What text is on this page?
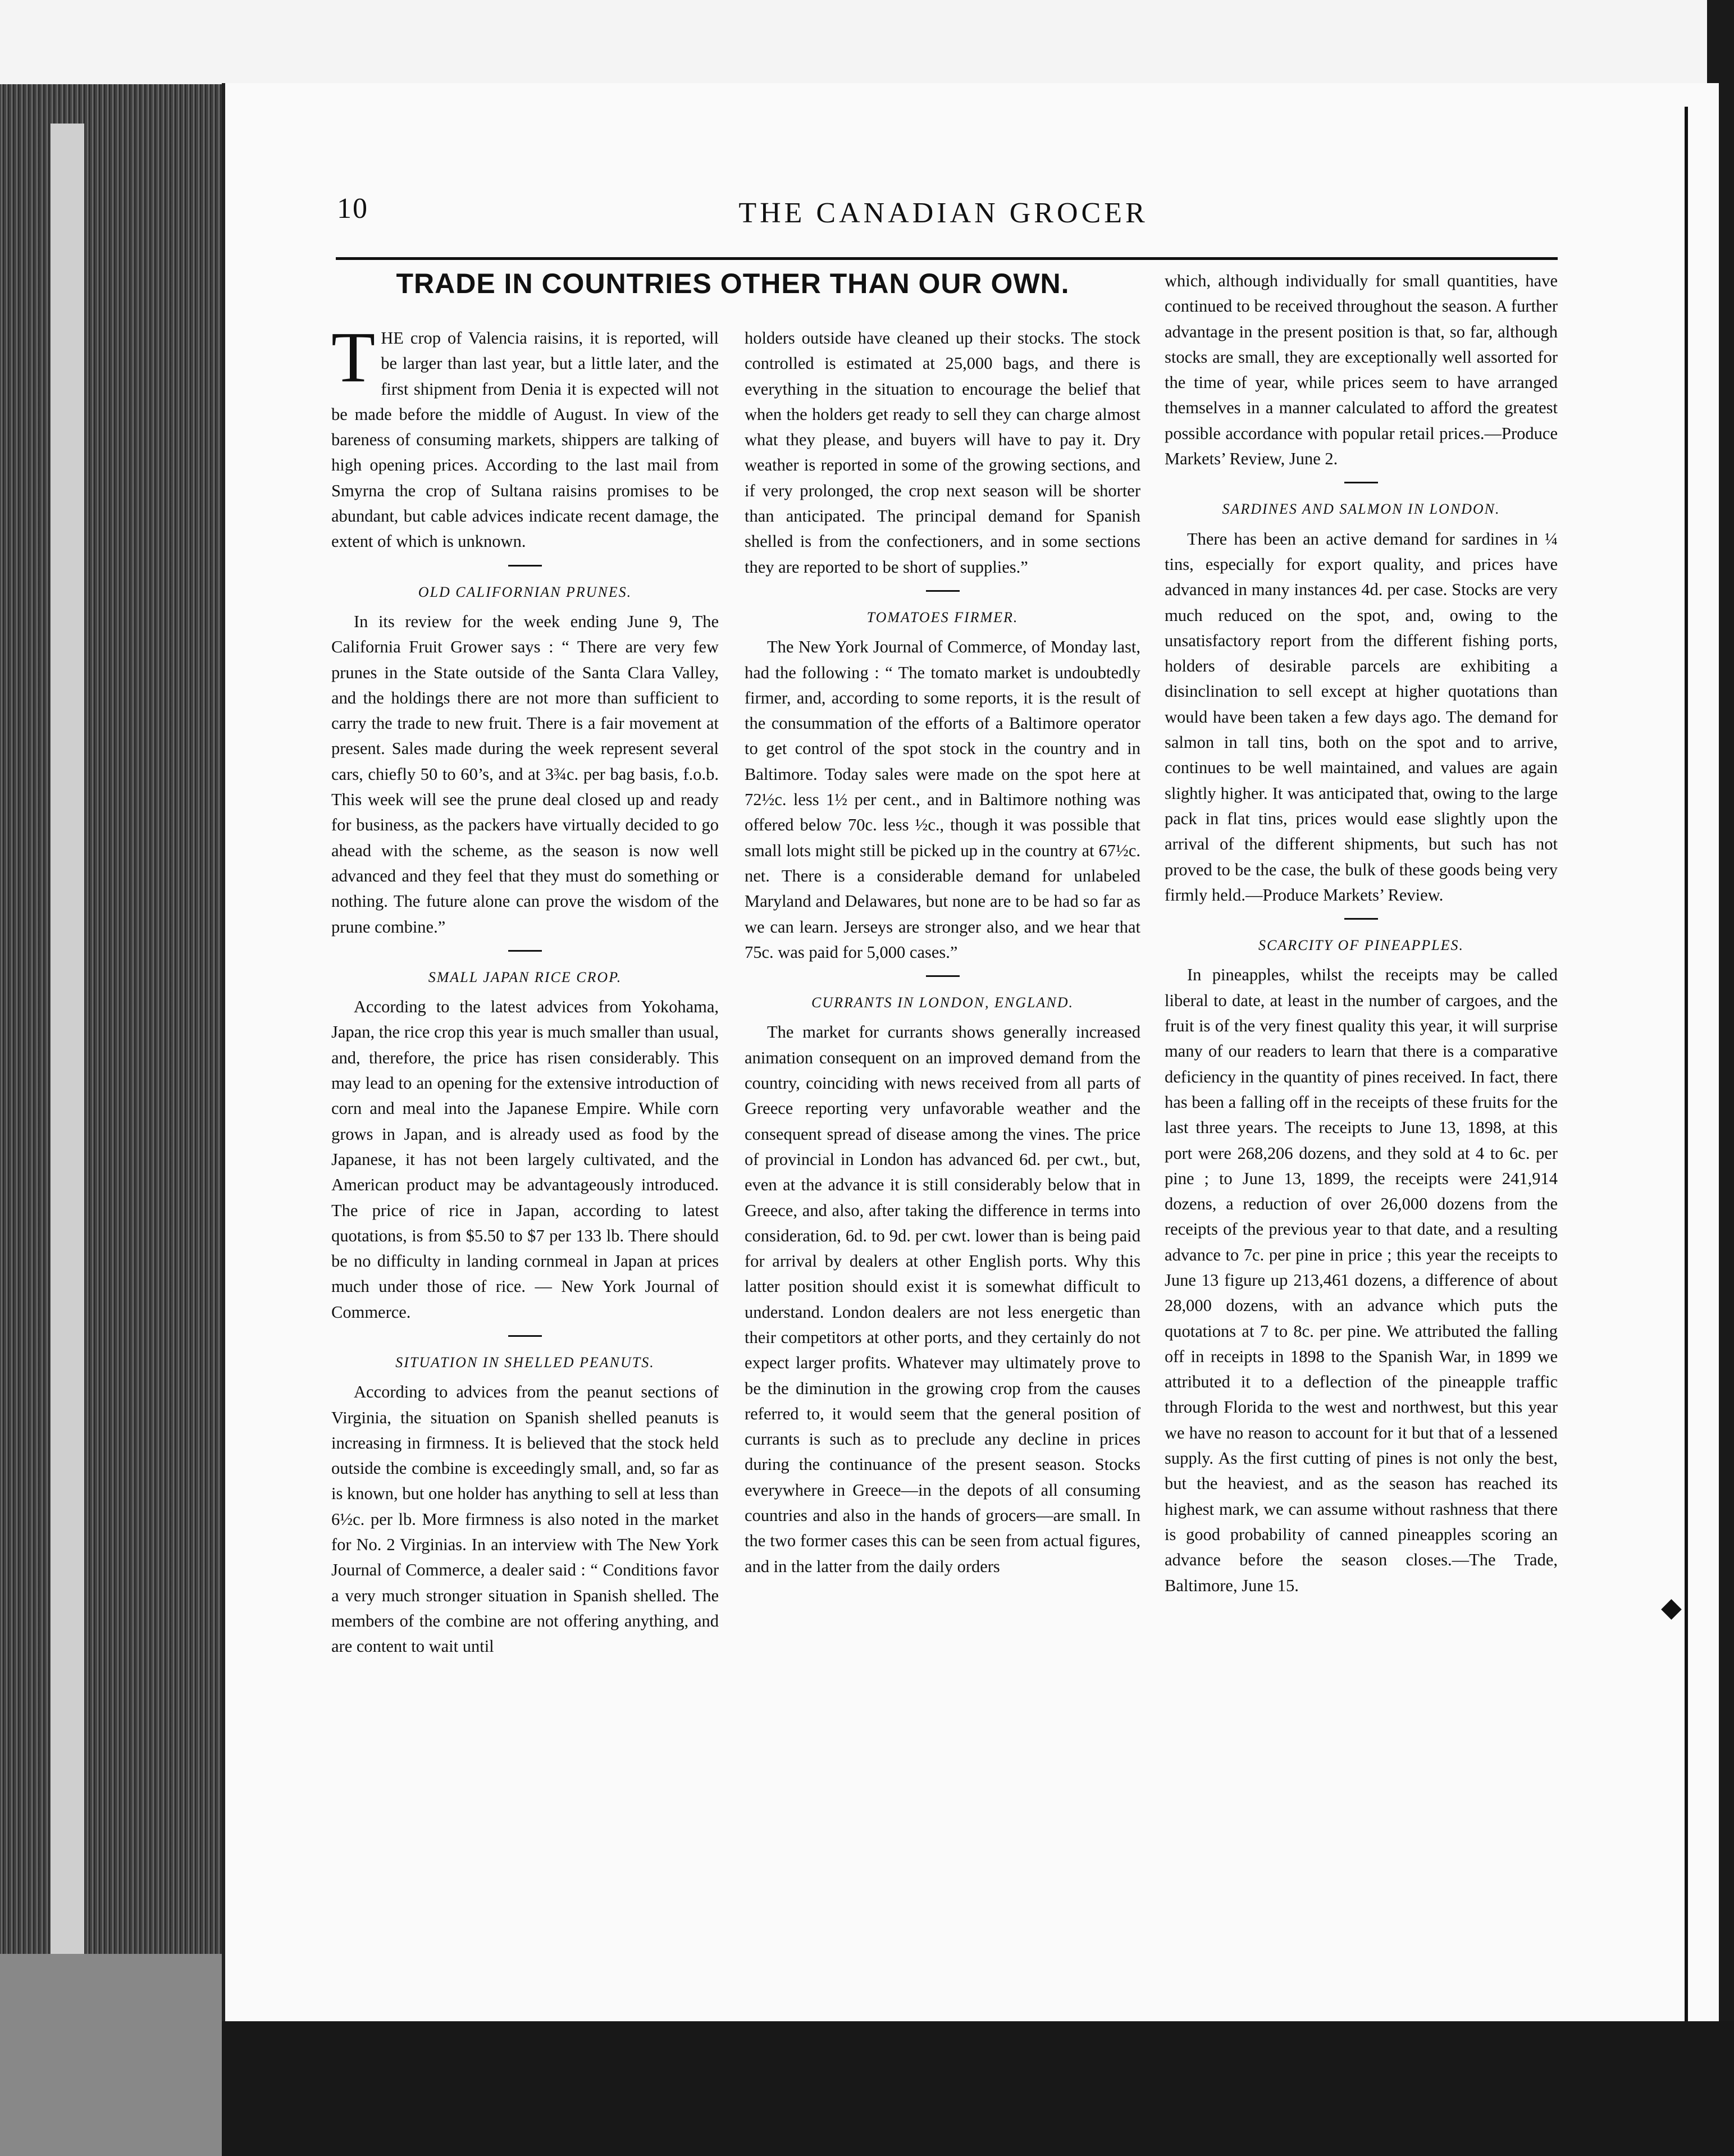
◆
10	THE CANADIAN GROCER
TRADE IN COUNTRIES OTHER THAN OUR OWN.

THE crop of Valencia raisins, it is reported, will be larger than last year, but a little later, and the first shipment from Denia it is expected will not be made before the middle of August. In view of the bareness of consuming markets, shippers are talking of high opening prices. According to the last mail from Smyrna the crop of Sultana raisins promises to be abundant, but cable advices indicate recent damage, the extent of which is unknown.

OLD CALIFORNIAN PRUNES.

In its review for the week ending June 9, The California Fruit Grower says : “ There are very few prunes in the State outside of the Santa Clara Valley, and the holdings there are not more than sufficient to carry the trade to new fruit. There is a fair movement at present. Sales made during the week represent several cars, chiefly 50 to 60’s, and at 3¾c. per bag basis, f.o.b. This week will see the prune deal closed up and ready for business, as the packers have virtually decided to go ahead with the scheme, as the season is now well advanced and they feel that they must do something or nothing. The future alone can prove the wisdom of the prune combine.”

SMALL JAPAN RICE CROP.

According to the latest advices from Yokohama, Japan, the rice crop this year is much smaller than usual, and, therefore, the price has risen considerably. This may lead to an opening for the extensive introduction of corn and meal into the Japanese Empire. While corn grows in Japan, and is already used as food by the Japanese, it has not been largely cultivated, and the American product may be advantageously introduced. The price of rice in Japan, according to latest quotations, is from $5.50 to $7 per 133 lb. There should be no difficulty in landing cornmeal in Japan at prices much under those of rice. — New York Journal of Commerce.

SITUATION IN SHELLED PEANUTS.

According to advices from the peanut sections of Virginia, the situation on Spanish shelled peanuts is increasing in firmness. It is believed that the stock held outside the combine is exceedingly small, and, so far as is known, but one holder has anything to sell at less than 6½c. per lb. More firmness is also noted in the market for No. 2 Virginias. In an interview with The New York Journal of Commerce, a dealer said : “ Conditions favor a very much stronger situation in Spanish shelled. The members of the combine are not offering anything, and are content to wait until

holders outside have cleaned up their stocks. The stock controlled is estimated at 25,000 bags, and there is everything in the situation to encourage the belief that when the holders get ready to sell they can charge almost what they please, and buyers will have to pay it. Dry weather is reported in some of the growing sections, and if very prolonged, the crop next season will be shorter than anticipated. The principal demand for Spanish shelled is from the confectioners, and in some sections they are reported to be short of supplies.”

TOMATOES FIRMER.

The New York Journal of Commerce, of Monday last, had the following : “ The tomato market is undoubtedly firmer, and, according to some reports, it is the result of the consummation of the efforts of a Baltimore operator to get control of the spot stock in the country and in Baltimore. Today sales were made on the spot here at 72½c. less 1½ per cent., and in Baltimore nothing was offered below 70c. less ½c., though it was possible that small lots might still be picked up in the country at 67½c. net. There is a considerable demand for unlabeled Maryland and Delawares, but none are to be had so far as we can learn. Jerseys are stronger also, and we hear that 75c. was paid for 5,000 cases.”

CURRANTS IN LONDON, ENGLAND.

The market for currants shows generally increased animation consequent on an improved demand from the country, coinciding with news received from all parts of Greece reporting very unfavorable weather and the consequent spread of disease among the vines. The price of provincial in London has advanced 6d. per cwt., but, even at the advance it is still considerably below that in Greece, and also, after taking the difference in terms into consideration, 6d. to 9d. per cwt. lower than is being paid for arrival by dealers at other English ports. Why this latter position should exist it is somewhat difficult to understand. London dealers are not less energetic than their competitors at other ports, and they certainly do not expect larger profits. Whatever may ultimately prove to be the diminution in the growing crop from the causes referred to, it would seem that the general position of currants is such as to preclude any decline in prices during the continuance of the present season. Stocks everywhere in Greece—in the depots of all consuming countries and also in the hands of grocers—are small. In the two former cases this can be seen from actual figures, and in the latter from the daily orders

which, although individually for small quantities, have continued to be received throughout the season. A further advantage in the present position is that, so far, although stocks are small, they are exceptionally well assorted for the time of year, while prices seem to have arranged themselves in a manner calculated to afford the greatest possible accordance with popular retail prices.—Produce Markets’ Review, June 2.

SARDINES AND SALMON IN LONDON.

There has been an active demand for sardines in ¼ tins, especially for export quality, and prices have advanced in many instances 4d. per case. Stocks are very much reduced on the spot, and, owing to the unsatisfactory report from the different fishing ports, holders of desirable parcels are exhibiting a disinclination to sell except at higher quotations than would have been taken a few days ago. The demand for salmon in tall tins, both on the spot and to arrive, continues to be well maintained, and values are again slightly higher. It was anticipated that, owing to the large pack in flat tins, prices would ease slightly upon the arrival of the different shipments, but such has not proved to be the case, the bulk of these goods being very firmly held.—Produce Markets’ Review.

SCARCITY OF PINEAPPLES.

In pineapples, whilst the receipts may be called liberal to date, at least in the number of cargoes, and the fruit is of the very finest quality this year, it will surprise many of our readers to learn that there is a comparative deficiency in the quantity of pines received. In fact, there has been a falling off in the receipts of these fruits for the last three years. The receipts to June 13, 1898, at this port were 268,206 dozens, and they sold at 4 to 6c. per pine ; to June 13, 1899, the receipts were 241,914 dozens, a reduction of over 26,000 dozens from the receipts of the previous year to that date, and a resulting advance to 7c. per pine in price ; this year the receipts to June 13 figure up 213,461 dozens, a difference of about 28,000 dozens, with an advance which puts the quotations at 7 to 8c. per pine. We attributed the falling off in receipts in 1898 to the Spanish War, in 1899 we attributed it to a deflection of the pineapple traffic through Florida to the west and northwest, but this year we have no reason to account for it but that of a lessened supply. As the first cutting of pines is not only the best, but the heaviest, and as the season has reached its highest mark, we can assume without rashness that there is good probability of canned pineapples scoring an advance before the season closes.—The Trade, Baltimore, June 15.
